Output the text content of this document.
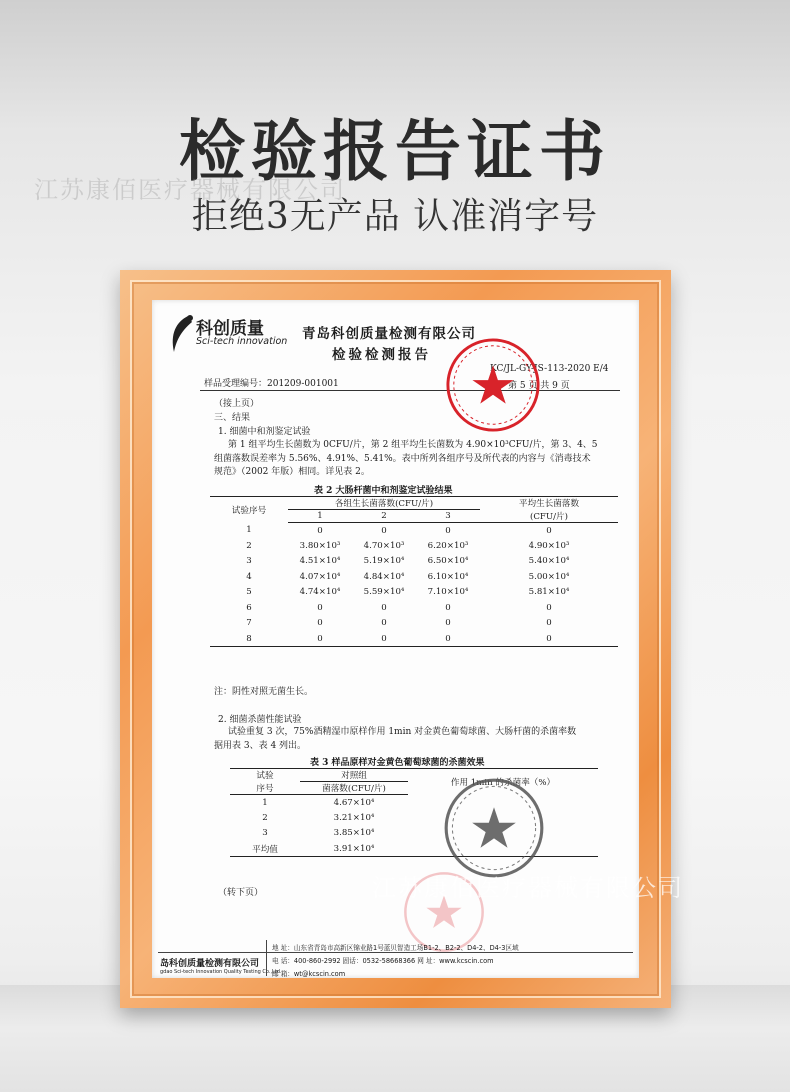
检验报告证书
拒绝3无产品 认准消字号
江苏康佰医疗器械有限公司
科创质量
Sci-tech innovation 青岛科创质量检测有限公司
检验检测报告
KC/JL-GY-JS-113-2020 E/4
第 5 页 共 9 页
样品受理编号：201209-001001
（接上页）
三、结果
1. 细菌中和剂鉴定试验
第 1 组平均生长菌数为 0CFU/片，第 2 组平均生长菌数为 4.90×10³CFU/片，第 3、4、5
组菌落数误差率为 5.56%、4.91%、5.41%。表中所列各组序号及所代表的内容与《消毒技术
规范》（2002 年版）相同。详见表 2。
表 2 大肠杆菌中和剂鉴定试验结果
试验序号	各组生长菌落数(CFU/片)			平均生长菌落数
	1	2	3	(CFU/片)
1	0	0	0	0
2	3.80×10³	4.70×10³	6.20×10³	4.90×10³
3	4.51×10⁴	5.19×10⁴	6.50×10⁴	5.40×10⁴
4	4.07×10⁴	4.84×10⁴	6.10×10⁴	5.00×10⁴
5	4.74×10⁴	5.59×10⁴	7.10×10⁴	5.81×10⁴
6	0	0	0	0
7	0	0	0	0
8	0	0	0	0
注：阴性对照无菌生长。
2. 细菌杀菌性能试验
试验重复 3 次，75%酒精湿巾原样作用 1min 对金黄色葡萄球菌、大肠杆菌的杀菌率数
据用表 3、表 4 列出。
表 3 样品原样对金黄色葡萄球菌的杀菌效果
试验	对照组	作用 1min 的杀菌率（%）
序号	菌落数(CFU/片)	
1	4.67×10⁴	
2	3.21×10⁴	
3	3.85×10⁴	
平均值	3.91×10⁴	
（转下页）
岛科创质量检测有限公司
gdao Sci-tech Innovation Quality Testing Co.,Ltd.
地 址：山东省青岛市高新区锦业路1号蓝贝智造工场B1-2、B2-2、D4-2、D4-3区域
电 话：400-860-2992 固话：0532-58668366 网 址：www.kcscin.com
邮 箱：wt@kcscin.com
江苏康佰医疗器械有限公司
